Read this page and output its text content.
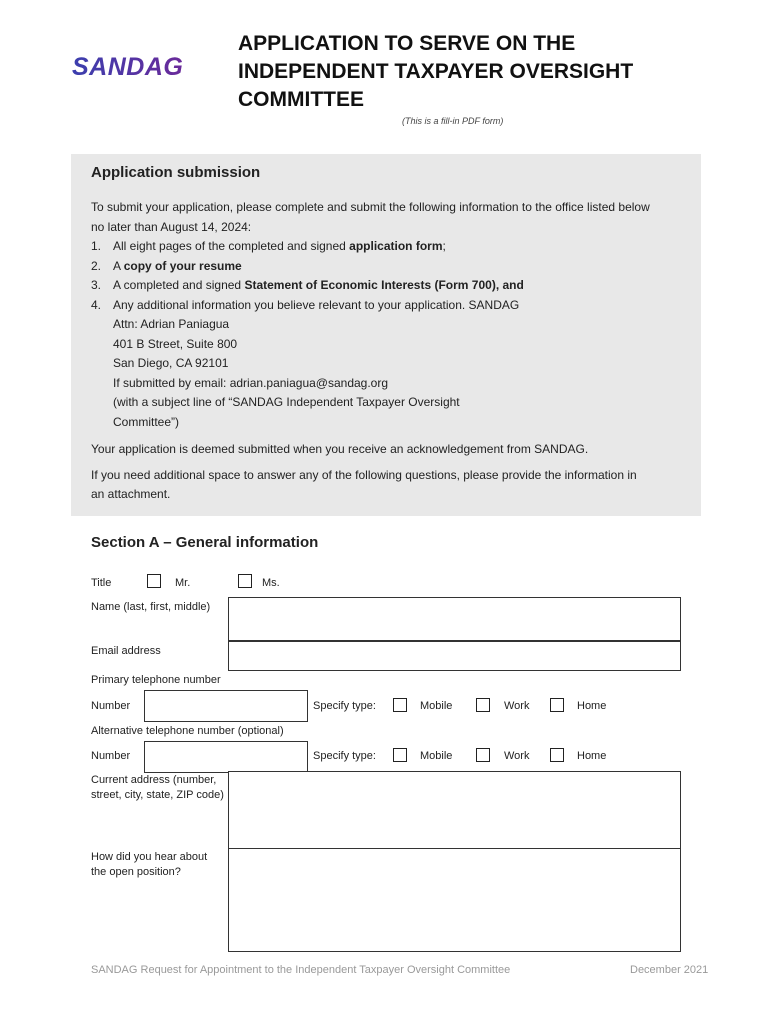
SANDAG
APPLICATION TO SERVE ON THE INDEPENDENT TAXPAYER OVERSIGHT COMMITTEE
(This is a fill-in PDF form)
Application submission

To submit your application, please complete and submit the following information to the office listed below no later than August 14, 2024:

1. All eight pages of the completed and signed application form;
2. A copy of your resume
3. A completed and signed Statement of Economic Interests (Form 700), and
4. Any additional information you believe relevant to your application. SANDAG
Attn: Adrian Paniagua
401 B Street, Suite 800
San Diego, CA 92101
If submitted by email: adrian.paniagua@sandag.org
(with a subject line of “SANDAG Independent Taxpayer Oversight
Committee”)

Your application is deemed submitted when you receive an acknowledgement from SANDAG.

If you need additional space to answer any of the following questions, please provide the information in an attachment.

Section A – General information
Title	Mr.	Ms.
Name (last, first, middle)
Email address
Primary telephone number
Number	Specify type:	Mobile	Work	Home
Alternative telephone number (optional)
Number	Specify type:	Mobile	Work	Home
Current address (number, street, city, state, ZIP code)
How did you hear about the open position?
SANDAG Request for Appointment to the Independent Taxpayer Oversight Committee	December 2021
